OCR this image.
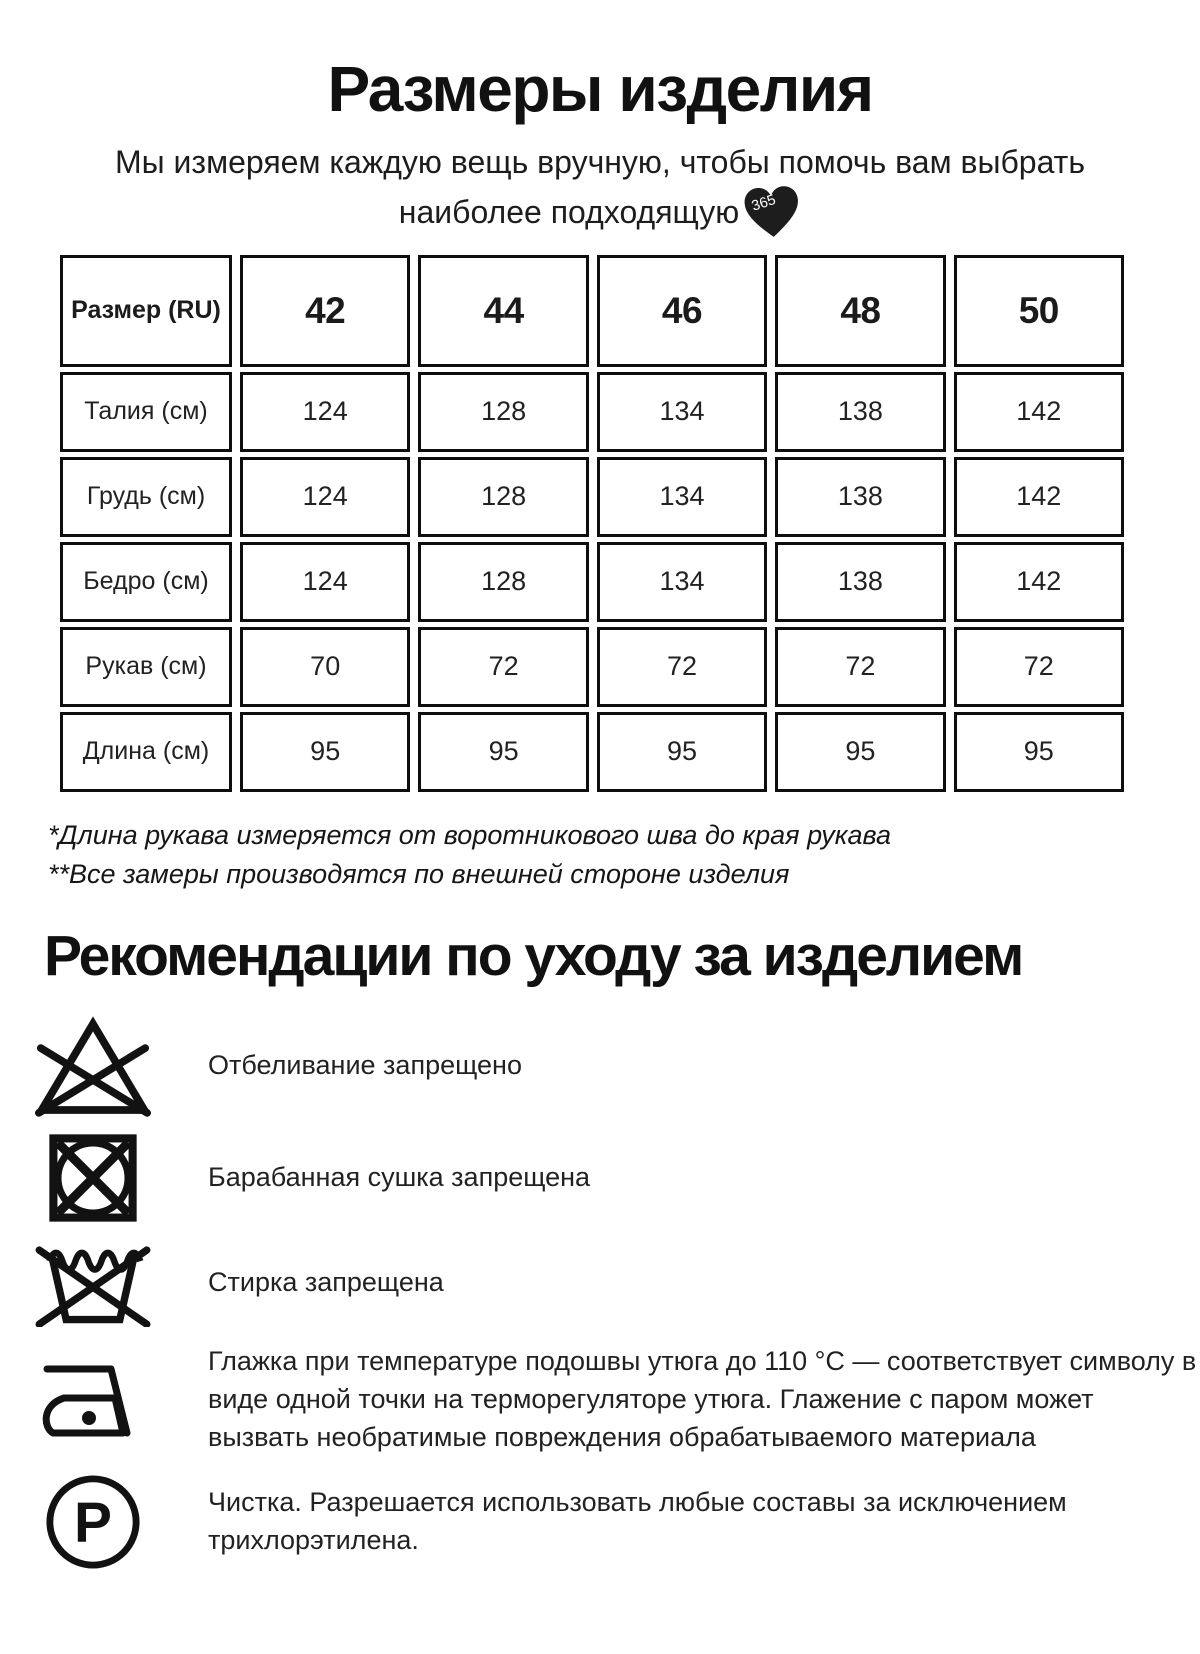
Размеры изделия

Мы измеряем каждую вещь вручную, чтобы помочь вам выбрать
наиболее подходящую 365

Размер (RU)	42	44	46	48	50
Талия (см)	124	128	134	138	142
Грудь (см)	124	128	134	138	142
Бедро (см)	124	128	134	138	142
Рукав (см)	70	72	72	72	72
Длина (см)	95	95	95	95	95

*Длина рукава измеряется от воротникового шва до края рукава

**Все замеры производятся по внешней стороне изделия

Рекомендации по уходу за изделием

Отбеливание запрещено

Барабанная сушка запрещена

Стирка запрещена

Глажка при температуре подошвы утюга до 110 °C — соответствует символу в виде одной точки на терморегуляторе утюга. Глажение с паром может вызвать необратимые повреждения обрабатываемого материала

P	Чистка. Разрешается использовать любые составы за исключением трихлорэтилена.
